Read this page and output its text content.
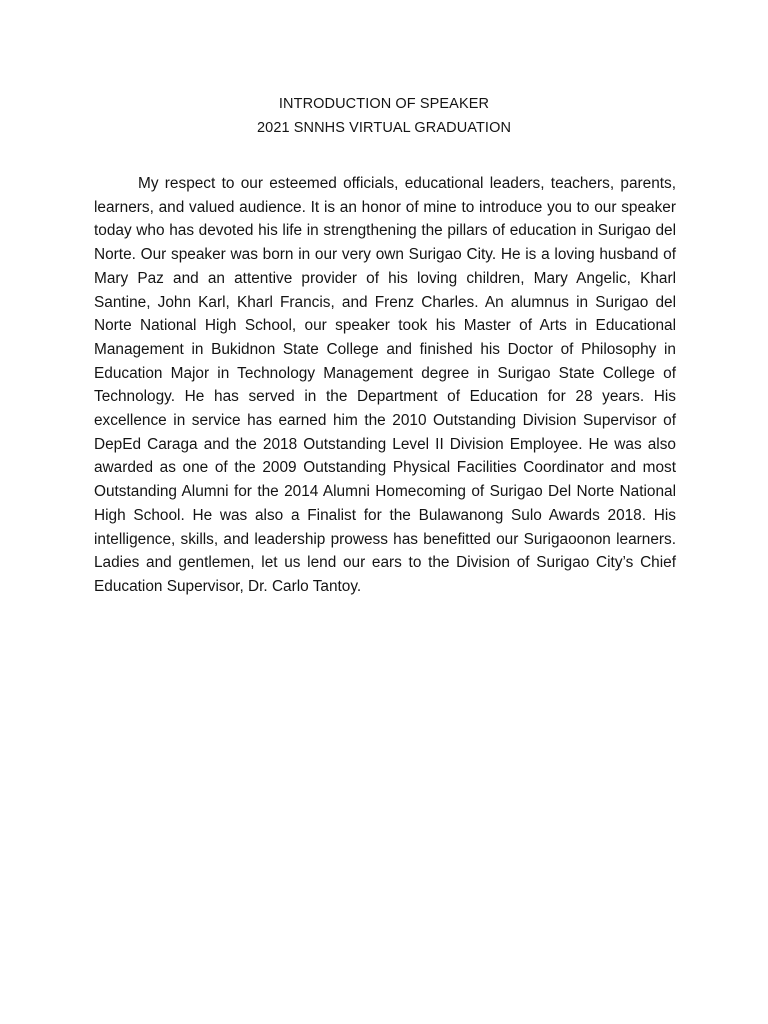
INTRODUCTION OF SPEAKER
2021 SNNHS VIRTUAL GRADUATION

My respect to our esteemed officials, educational leaders, teachers, parents, learners, and valued audience. It is an honor of mine to introduce you to our speaker today who has devoted his life in strengthening the pillars of education in Surigao del Norte. Our speaker was born in our very own Surigao City. He is a loving husband of Mary Paz and an attentive provider of his loving children, Mary Angelic, Kharl Santine, John Karl, Kharl Francis, and Frenz Charles. An alumnus in Surigao del Norte National High School, our speaker took his Master of Arts in Educational Management in Bukidnon State College and finished his Doctor of Philosophy in Education Major in Technology Management degree in Surigao State College of Technology. He has served in the Department of Education for 28 years. His excellence in service has earned him the 2010 Outstanding Division Supervisor of DepEd Caraga and the 2018 Outstanding Level II Division Employee. He was also awarded as one of the 2009 Outstanding Physical Facilities Coordinator and most Outstanding Alumni for the 2014 Alumni Homecoming of Surigao Del Norte National High School. He was also a Finalist for the Bulawanong Sulo Awards 2018. His intelligence, skills, and leadership prowess has benefitted our Surigaoonon learners. Ladies and gentlemen, let us lend our ears to the Division of Surigao City’s Chief Education Supervisor, Dr. Carlo Tantoy.
